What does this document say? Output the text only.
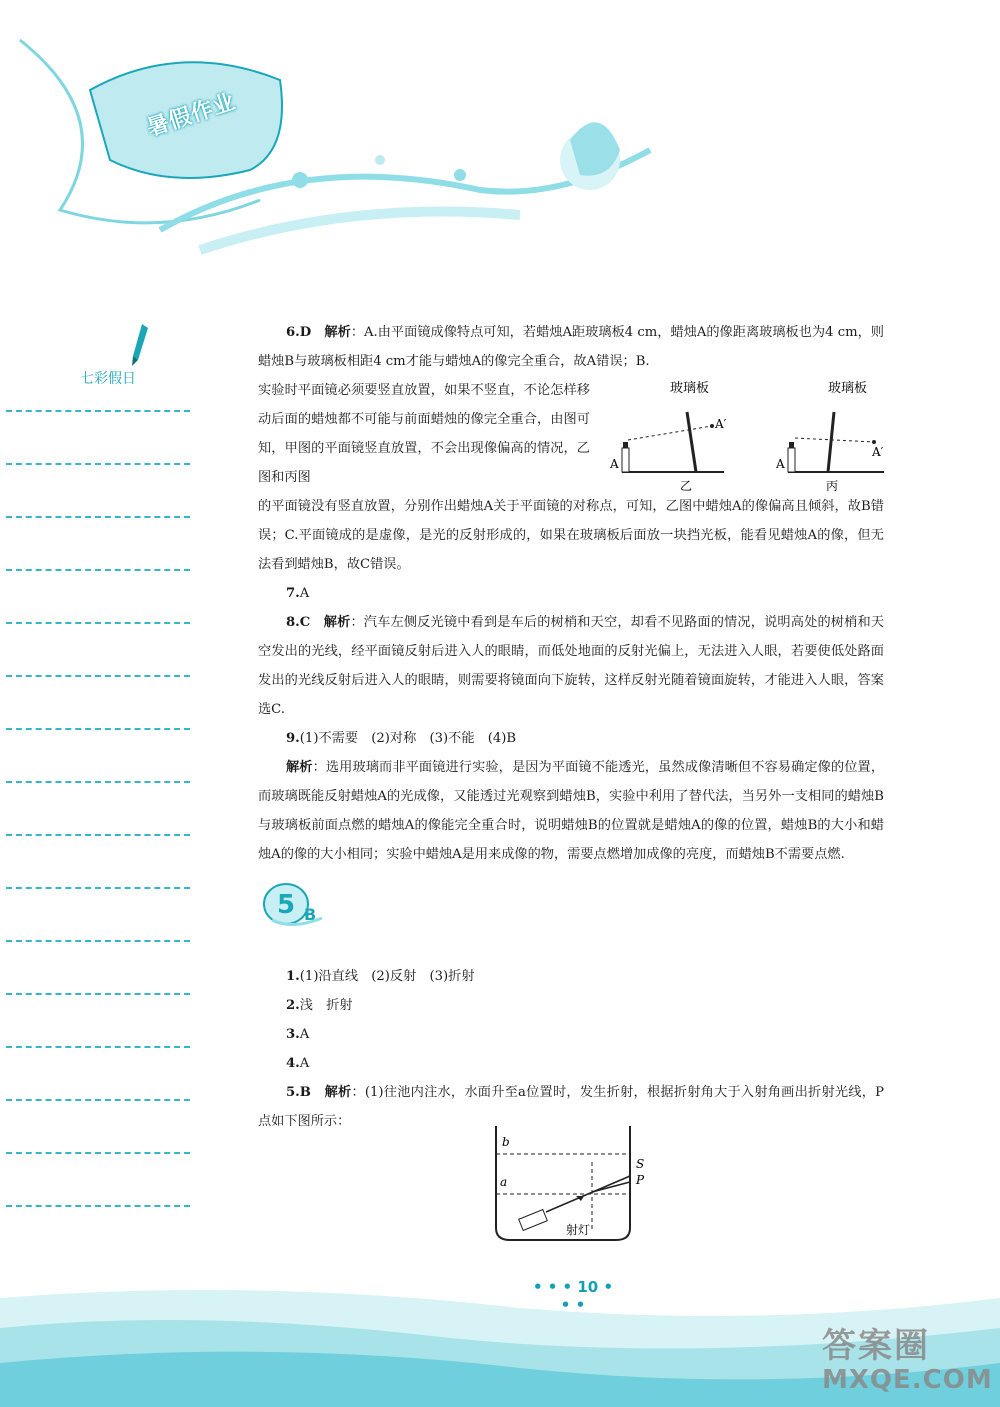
暑假作业
七彩假日

6.D　 解析：A.由平面镜成像特点可知，若蜡烛A距玻璃板4 cm，蜡烛A的像距离玻璃板也为4 cm，则蜡烛B与玻璃板相距4 cm才能与蜡烛A的像完全重合，故A错误；B.

实验时平面镜必须要竖直放置，如果不竖直，不论怎样移动后面的蜡烛都不可能与前面蜡烛的像完全重合，由图可知，甲图的平面镜竖直放置，不会出现像偏高的情况，乙图和丙图
玻璃板
A
A′
乙
玻璃板
A
A′
丙

的平面镜没有竖直放置，分别作出蜡烛A关于平面镜的对称点，可知，乙图中蜡烛A的像偏高且倾斜，故B错误；C.平面镜成的是虚像，是光的反射形成的，如果在玻璃板后面放一块挡光板，能看见蜡烛A的像，但无法看到蜡烛B，故C错误。

7.A

8.C　 解析：汽车左侧反光镜中看到是车后的树梢和天空，却看不见路面的情况，说明高处的树梢和天空发出的光线，经平面镜反射后进入人的眼睛，而低处地面的反射光偏上，无法进入人眼，若要使低处路面发出的光线反射后进入人的眼睛，则需要将镜面向下旋转，这样反射光随着镜面旋转，才能进入人眼，答案选C.

9.(1)不需要　(2)对称　(3)不能　(4)B

解析：选用玻璃而非平面镜进行实验，是因为平面镜不能透光，虽然成像清晰但不容易确定像的位置，而玻璃既能反射蜡烛A的光成像，又能透过光观察到蜡烛B，实验中利用了替代法，当另外一支相同的蜡烛B与玻璃板前面点燃的蜡烛A的像能完全重合时，说明蜡烛B的位置就是蜡烛A的像的位置，蜡烛B的大小和蜡烛A的像的大小相同；实验中蜡烛A是用来成像的物，需要点燃增加成像的亮度，而蜡烛B不需要点燃.

5 B

1.(1)沿直线　(2)反射　(3)折射

2.浅　折射

3.A

4.A

5.B　 解析：(1)往池内注水，水面升至a位置时，发生折射，根据折射角大于入射角画出折射光线，P点如下图所示：

b
a
S
P
射灯
• • • 10 • • •
答案圈
MXQE.COM
